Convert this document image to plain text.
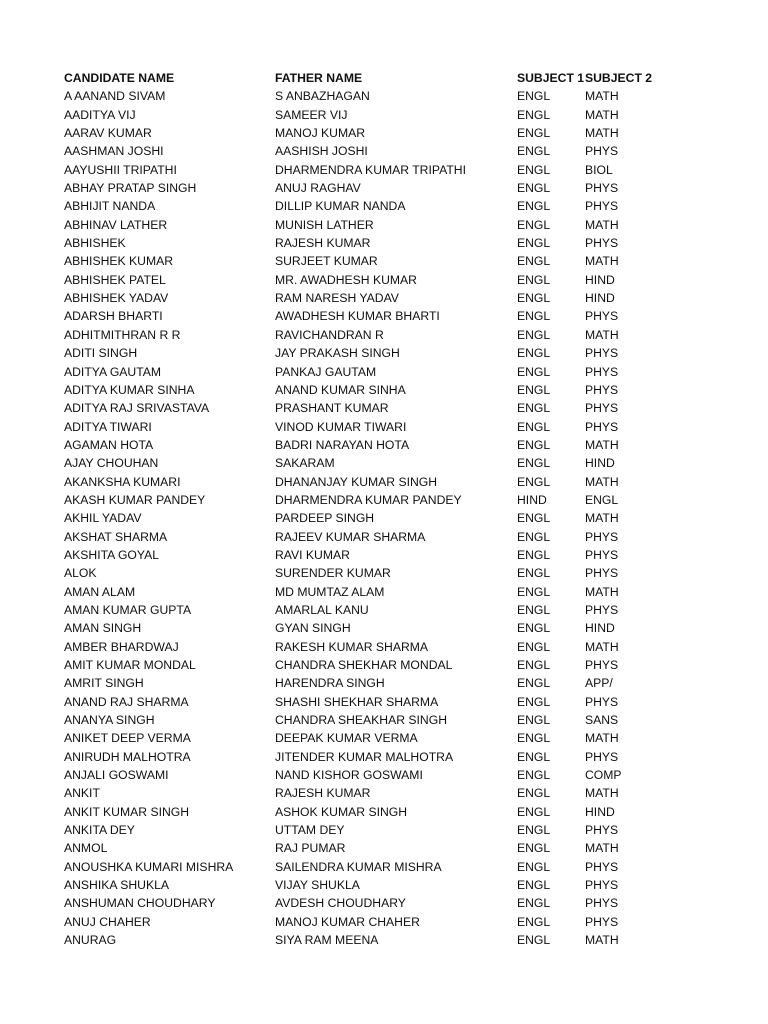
CANDIDATE NAME	FATHER NAME	SUBJECT 1 SUBJECT 2
A AANAND SIVAM	S ANBAZHAGAN	ENGL	MATH
AADITYA VIJ	SAMEER VIJ	ENGL	MATH
AARAV KUMAR	MANOJ KUMAR	ENGL	MATH
AASHMAN JOSHI	AASHISH JOSHI	ENGL	PHYS
AAYUSHII TRIPATHI	DHARMENDRA KUMAR TRIPATHI	ENGL	BIOL
ABHAY PRATAP SINGH	ANUJ RAGHAV	ENGL	PHYS
ABHIJIT NANDA	DILLIP KUMAR NANDA	ENGL	PHYS
ABHINAV LATHER	MUNISH LATHER	ENGL	MATH
ABHISHEK	RAJESH KUMAR	ENGL	PHYS
ABHISHEK KUMAR	SURJEET KUMAR	ENGL	MATH
ABHISHEK PATEL	MR. AWADHESH KUMAR	ENGL	HIND
ABHISHEK YADAV	RAM NARESH YADAV	ENGL	HIND
ADARSH BHARTI	AWADHESH KUMAR BHARTI	ENGL	PHYS
ADHITMITHRAN R R	RAVICHANDRAN R	ENGL	MATH
ADITI SINGH	JAY PRAKASH SINGH	ENGL	PHYS
ADITYA GAUTAM	PANKAJ GAUTAM	ENGL	PHYS
ADITYA KUMAR SINHA	ANAND KUMAR SINHA	ENGL	PHYS
ADITYA RAJ SRIVASTAVA	PRASHANT KUMAR	ENGL	PHYS
ADITYA TIWARI	VINOD KUMAR TIWARI	ENGL	PHYS
AGAMAN HOTA	BADRI NARAYAN HOTA	ENGL	MATH
AJAY CHOUHAN	SAKARAM	ENGL	HIND
AKANKSHA KUMARI	DHANANJAY KUMAR SINGH	ENGL	MATH
AKASH KUMAR PANDEY	DHARMENDRA KUMAR PANDEY	HIND	ENGL
AKHIL YADAV	PARDEEP SINGH	ENGL	MATH
AKSHAT SHARMA	RAJEEV KUMAR SHARMA	ENGL	PHYS
AKSHITA GOYAL	RAVI KUMAR	ENGL	PHYS
ALOK	SURENDER KUMAR	ENGL	PHYS
AMAN ALAM	MD MUMTAZ ALAM	ENGL	MATH
AMAN KUMAR GUPTA	AMARLAL KANU	ENGL	PHYS
AMAN SINGH	GYAN SINGH	ENGL	HIND
AMBER BHARDWAJ	RAKESH KUMAR SHARMA	ENGL	MATH
AMIT KUMAR MONDAL	CHANDRA SHEKHAR MONDAL	ENGL	PHYS
AMRIT SINGH	HARENDRA SINGH	ENGL	APP/
ANAND RAJ SHARMA	SHASHI SHEKHAR SHARMA	ENGL	PHYS
ANANYA SINGH	CHANDRA SHEAKHAR SINGH	ENGL	SANS
ANIKET DEEP VERMA	DEEPAK KUMAR VERMA	ENGL	MATH
ANIRUDH MALHOTRA	JITENDER KUMAR MALHOTRA	ENGL	PHYS
ANJALI GOSWAMI	NAND KISHOR GOSWAMI	ENGL	COMP
ANKIT	RAJESH KUMAR	ENGL	MATH
ANKIT KUMAR SINGH	ASHOK KUMAR SINGH	ENGL	HIND
ANKITA DEY	UTTAM DEY	ENGL	PHYS
ANMOL	RAJ PUMAR	ENGL	MATH
ANOUSHKA KUMARI MISHRA	SAILENDRA KUMAR MISHRA	ENGL	PHYS
ANSHIKA SHUKLA	VIJAY SHUKLA	ENGL	PHYS
ANSHUMAN CHOUDHARY	AVDESH CHOUDHARY	ENGL	PHYS
ANUJ CHAHER	MANOJ KUMAR CHAHER	ENGL	PHYS
ANURAG	SIYA RAM MEENA	ENGL	MATH
